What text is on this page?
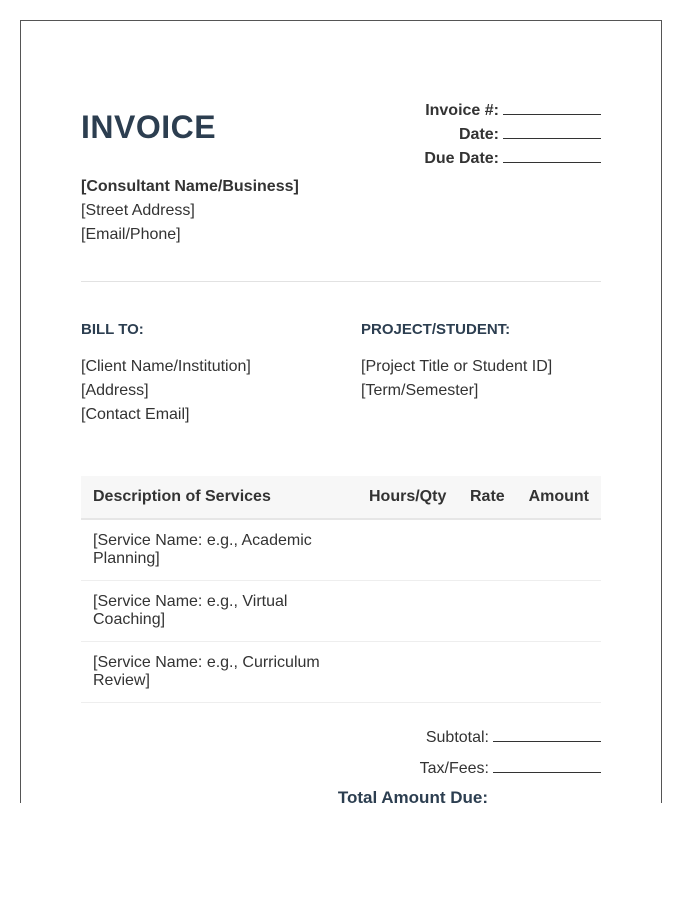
INVOICE	Invoice #:
Date:
Due Date:
[Consultant Name/Business]
[Street Address]
[Email/Phone]
BILL TO:
[Client Name/Institution]
[Address]
[Contact Email]
PROJECT/STUDENT:
[Project Title or Student ID]
[Term/Semester]
Description of Services	Hours/Qty Rate Amount
[Service Name: e.g., Academic Planning]
[Service Name: e.g., Virtual Coaching]
[Service Name: e.g., Curriculum Review]
Subtotal:
Tax/Fees:
Total Amount Due:
